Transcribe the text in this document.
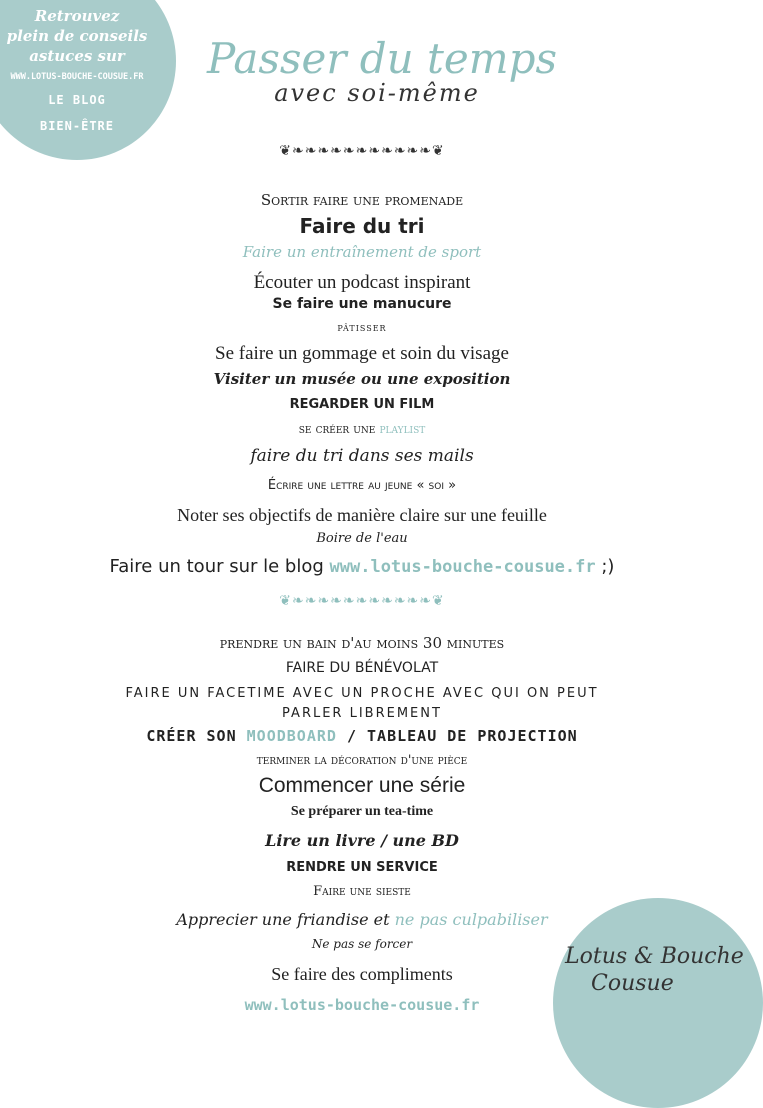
Retrouvez
plein de conseils
astuces sur
WWW.LOTUS-BOUCHE-COUSUE.FR
LE BLOG
BIEN-ÊTRE
Passer du temps
avec soi-même
❦❧❧❧❧❧❧❧❧❧❧❧❦
Sortir faire une promenade
Faire du tri
Faire un entraînement de sport
Écouter un podcast inspirant
Se faire une manucure
pâtisser
Se faire un gommage et soin du visage
Visiter un musée ou une exposition
REGARDER UN FILM
se créer une playlist
faire du tri dans ses mails
Écrire une lettre au jeune « soi »
Noter ses objectifs de manière claire sur une feuille
Boire de l'eau
Faire un tour sur le blog www.lotus-bouche-cousue.fr ;)
❦❧❧❧❧❧❧❧❧❧❧❧❦
prendre un bain d'au moins 30 minutes
FAIRE DU BÉNÉVOLAT
FAIRE UN FACETIME AVEC UN PROCHE AVEC QUI ON PEUT
PARLER LIBREMENT
CRÉER SON MOODBOARD / TABLEAU DE PROJECTION
terminer la décoration d'une pièce
Commencer une série
Se préparer un tea-time
Lire un livre / une BD
RENDRE UN SERVICE
Faire une sieste
Apprecier une friandise et ne pas culpabiliser
Ne pas se forcer
Se faire des compliments
www.lotus-bouche-cousue.fr
Lotus & Bouche
Cousue
